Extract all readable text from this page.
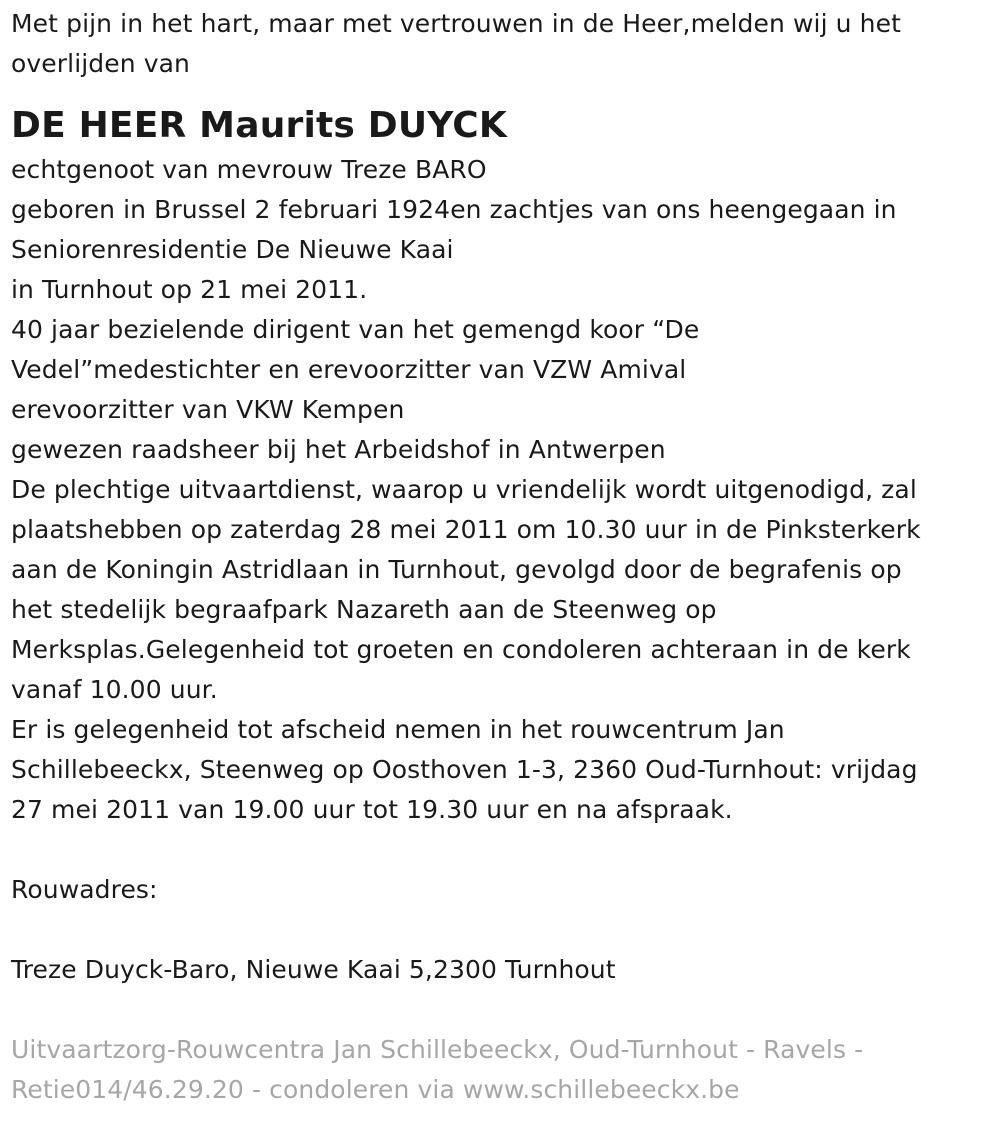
Met pijn in het hart, maar met vertrouwen in de Heer,melden wij u het
overlijden van
DE HEER Maurits DUYCK
echtgenoot van mevrouw Treze BARO
geboren in Brussel 2 februari 1924en zachtjes van ons heengegaan in
Seniorenresidentie De Nieuwe Kaai
in Turnhout op 21 mei 2011.
40 jaar bezielende dirigent van het gemengd koor “De
Vedel”medestichter en erevoorzitter van VZW Amival
erevoorzitter van VKW Kempen
gewezen raadsheer bij het Arbeidshof in Antwerpen
De plechtige uitvaartdienst, waarop u vriendelijk wordt uitgenodigd, zal
plaatshebben op zaterdag 28 mei 2011 om 10.30 uur in de Pinksterkerk
aan de Koningin Astridlaan in Turnhout, gevolgd door de begrafenis op
het stedelijk begraafpark Nazareth aan de Steenweg op
Merksplas.Gelegenheid tot groeten en condoleren achteraan in de kerk
vanaf 10.00 uur.
Er is gelegenheid tot afscheid nemen in het rouwcentrum Jan
Schillebeeckx, Steenweg op Oosthoven 1-3, 2360 Oud-Turnhout: vrijdag
27 mei 2011 van 19.00 uur tot 19.30 uur en na afspraak.
Rouwadres:
Treze Duyck-Baro, Nieuwe Kaai 5,2300 Turnhout
Uitvaartzorg-Rouwcentra Jan Schillebeeckx, Oud-Turnhout - Ravels -
Retie014/46.29.20 - condoleren via www.schillebeeckx.be
